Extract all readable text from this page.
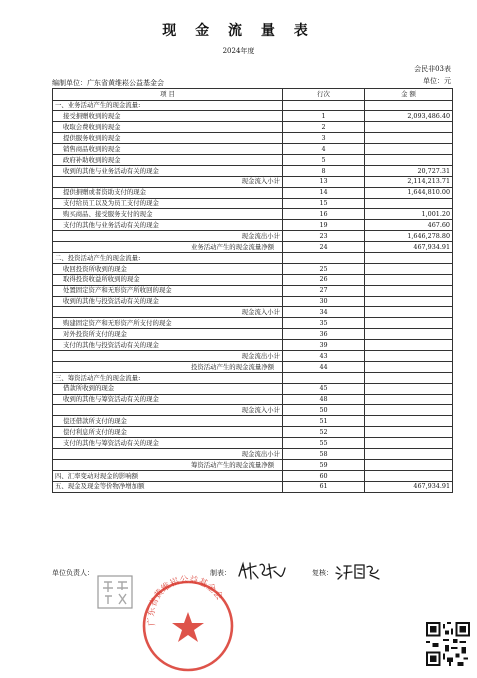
现 金 流 量 表
2024年度
会民非03表
编制单位：广东省黄维崧公益基金会	单位：元
项 目	行次	金 额
一、业务活动产生的现金流量:		
接受捐赠收到的现金	1	2,093,486.40
收取会费收到的现金	2	
提供服务收到的现金	3	
销售商品收到的现金	4	
政府补助收到的现金	5	
收到的其他与业务活动有关的现金	8	20,727.31
现金流入小计	13	2,114,213.71
提供捐赠或者资助支付的现金	14	1,644,810.00
支付给员工以及为员工支付的现金	15	
购买商品、接受服务支付的现金	16	1,001.20
支付的其他与业务活动有关的现金	19	467.60
现金流出小计	23	1,646,278.80
业务活动产生的现金流量净额	24	467,934.91
二、投资活动产生的现金流量:		
收回投资所收到的现金	25	
取得投资收益所收到的现金	26	
处置固定资产和无形资产所收回的现金	27	
收到的其他与投资活动有关的现金	30	
现金流入小计	34	
购建固定资产和无形资产所支付的现金	35	
对外投资所支付的现金	36	
支付的其他与投资活动有关的现金	39	
现金流出小计	43	
投资活动产生的现金流量净额	44	
三、筹资活动产生的现金流量:		
借款所收到的现金	45	
收到的其他与筹资活动有关的现金	48	
现金流入小计	50	
偿还借款所支付的现金	51	
偿付利息所支付的现金	52	
支付的其他与筹资活动有关的现金	55	
现金流出小计	58	
筹资活动产生的现金流量净额	59	
四、汇率变动对现金的影响额	60	
五、现金及现金等价物净增加额	61	467,934.91
单位负责人：	制表：	复核：
广东省黄维崧公益基金会
